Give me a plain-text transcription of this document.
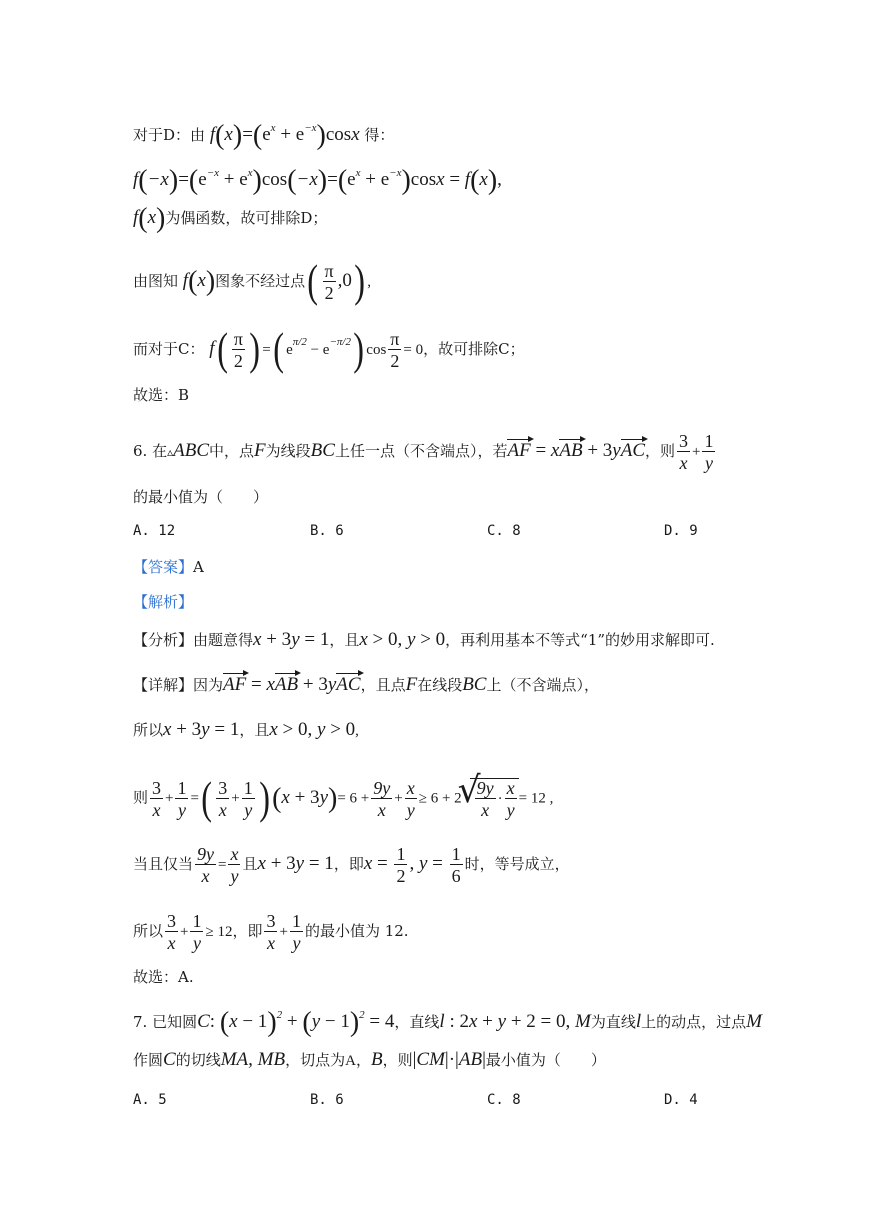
对于D：由 $f(x)=(e^x + e^{-x})\cos x$ 得：
$f(-x)=(e^{-x} + e^x)\cos(-x)=(e^x + e^{-x})\cos x = f(x)$,
f(x)为偶函数，故可排除D；
由图知 f(x)图象不经过点( $\frac{\pi}{2} ,0$) ,
而对于C： $f( \frac{\pi}{2}$ ) =( $e^{\pi/2} - e^{-\pi/2}$) $\cos \frac{\pi}{2} = 0$，故可排除C；
故选：B
6. 在▵ABC中，点F为线段BC上任一点（不含端点），若AF = xAB + 3yAC，则 $\frac{3}{x} + \frac{1}{y}$
的最小值为（　　）
A. 12	B. 6	C. 8	D. 9
【答案】A
【解析】
【分析】由题意得x + 3y = 1，且x > 0, y > 0，再利用基本不等式“1”的妙用求解即可.
【详解】因为AF = xAB + 3yAC，且点F在线段BC上（不含端点），
所以x + 3y = 1，且x > 0, y > 0,
则 $\frac{3}{x} + \frac{1}{y}$ =( $\frac{3}{x} + \frac{1}{y} )(x + 3y)= 6 + \frac{9y}{x} + \frac{x}{y} \ge 6 + 2$
√ $\frac{9y}{x} \cdot \frac{x}{y} = 12$ ,
当且仅当 $\frac{9y}{x} = \frac{x}{y}$ 且x + 3y = 1，即$x = \frac{1}{2}$ , $y = \frac{1}{6}$ 时，等号成立，
所以 $\frac{3}{x} + \frac{1}{y} \ge 12$，即 $\frac{3}{x} + \frac{1}{y}$ 的最小值为 12.
故选：A.
7. 已知圆C: $(x - 1)^2 + (y - 1)^2 = 4$，直线l : 2x + y + 2 = 0, M为直线l上的动点，过点M
作圆C的切线MA, MB，切点为A，B，则|CM|·|AB|最小值为（　　）
A. 5	B. 6	C. 8	D. 4
